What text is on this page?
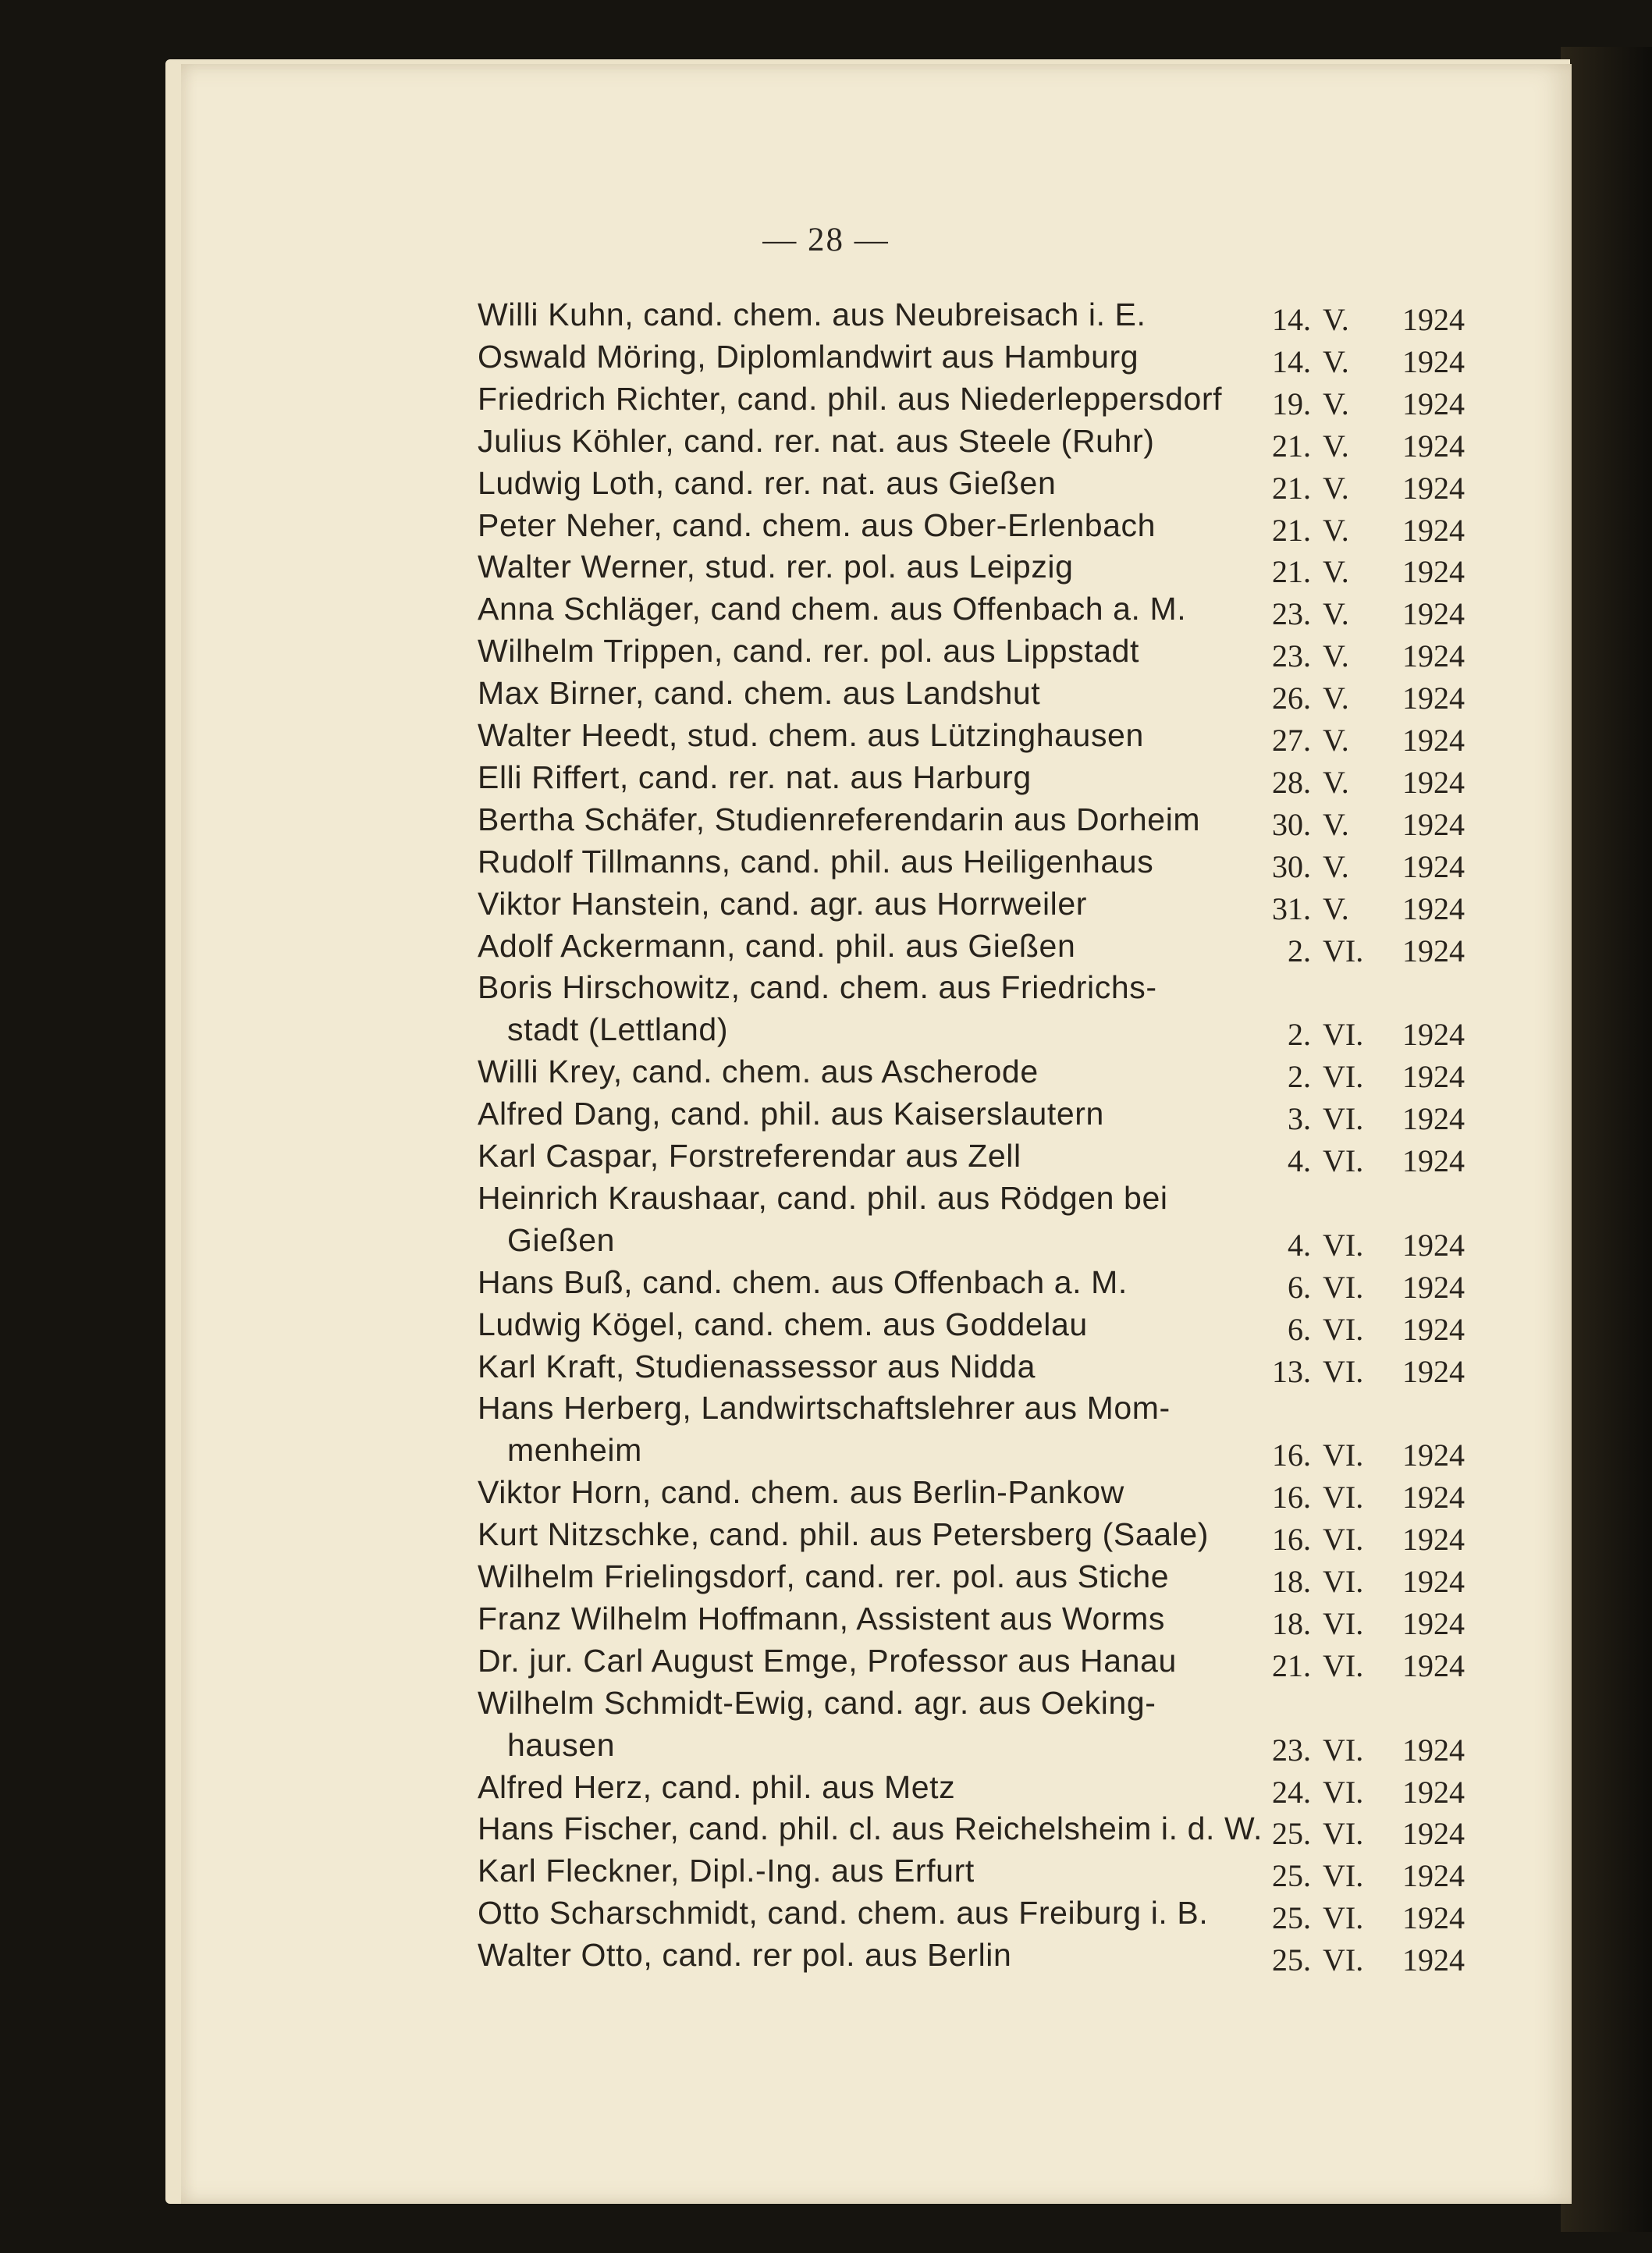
— 28 —
Willi Kuhn, cand. chem. aus Neubreisach i. E.	14. V. 1924
Oswald Möring, Diplomlandwirt aus Hamburg	14. V. 1924
Friedrich Richter, cand. phil. aus Niederleppersdorf	19. V. 1924
Julius Köhler, cand. rer. nat. aus Steele (Ruhr)	21. V. 1924
Ludwig Loth, cand. rer. nat. aus Gießen	21. V. 1924
Peter Neher, cand. chem. aus Ober-Erlenbach	21. V. 1924
Walter Werner, stud. rer. pol. aus Leipzig	21. V. 1924
Anna Schläger, cand chem. aus Offenbach a. M.	23. V. 1924
Wilhelm Trippen, cand. rer. pol. aus Lippstadt	23. V. 1924
Max Birner, cand. chem. aus Landshut	26. V. 1924
Walter Heedt, stud. chem. aus Lützinghausen	27. V. 1924
Elli Riffert, cand. rer. nat. aus Harburg	28. V. 1924
Bertha Schäfer, Studienreferendarin aus Dorheim	30. V. 1924
Rudolf Tillmanns, cand. phil. aus Heiligenhaus	30. V. 1924
Viktor Hanstein, cand. agr. aus Horrweiler	31. V. 1924
Adolf Ackermann, cand. phil. aus Gießen	2. VI. 1924
Boris Hirschowitz, cand. chem. aus Friedrichs-
stadt (Lettland)	2. VI. 1924
Willi Krey, cand. chem. aus Ascherode	2. VI. 1924
Alfred Dang, cand. phil. aus Kaiserslautern	3. VI. 1924
Karl Caspar, Forstreferendar aus Zell	4. VI. 1924
Heinrich Kraushaar, cand. phil. aus Rödgen bei
Gießen	4. VI. 1924
Hans Buß, cand. chem. aus Offenbach a. M.	6. VI. 1924
Ludwig Kögel, cand. chem. aus Goddelau	6. VI. 1924
Karl Kraft, Studienassessor aus Nidda	13. VI. 1924
Hans Herberg, Landwirtschaftslehrer aus Mom-
menheim	16. VI. 1924
Viktor Horn, cand. chem. aus Berlin-Pankow	16. VI. 1924
Kurt Nitzschke, cand. phil. aus Petersberg (Saale)	16. VI. 1924
Wilhelm Frielingsdorf, cand. rer. pol. aus Stiche	18. VI. 1924
Franz Wilhelm Hoffmann, Assistent aus Worms	18. VI. 1924
Dr. jur. Carl August Emge, Professor aus Hanau	21. VI. 1924
Wilhelm Schmidt-Ewig, cand. agr. aus Oeking-
hausen	23. VI. 1924
Alfred Herz, cand. phil. aus Metz	24. VI. 1924
Hans Fischer, cand. phil. cl. aus Reichelsheim i. d. W. 25. VI. 1924
Karl Fleckner, Dipl.-Ing. aus Erfurt	25. VI. 1924
Otto Scharschmidt, cand. chem. aus Freiburg i. B.	25. VI. 1924
Walter Otto, cand. rer pol. aus Berlin	25. VI. 1924
